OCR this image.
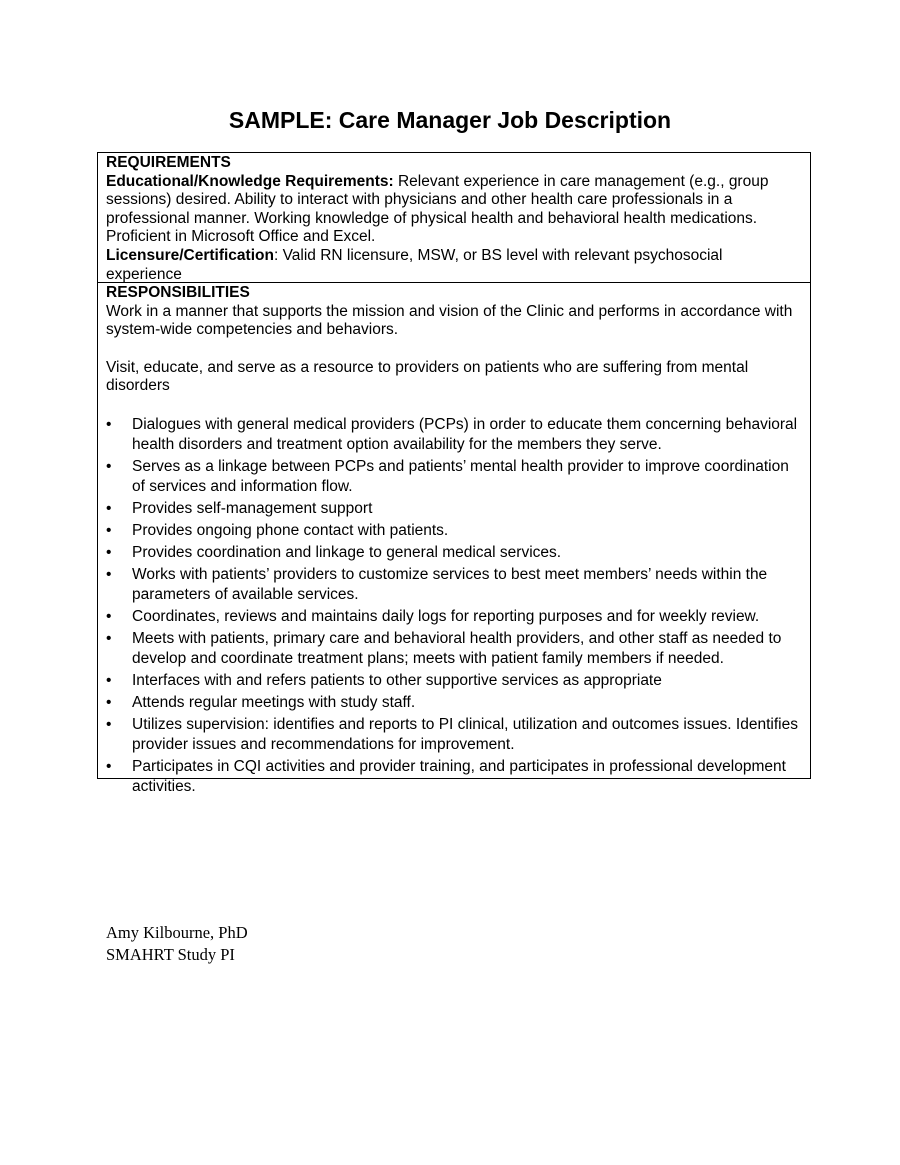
SAMPLE: Care Manager Job Description
REQUIREMENTS

Educational/Knowledge Requirements: Relevant experience in care management (e.g., group sessions) desired. Ability to interact with physicians and other health care professionals in a professional manner. Working knowledge of physical health and behavioral health medications. Proficient in Microsoft Office and Excel.

Licensure/Certification: Valid RN licensure, MSW, or BS level with relevant psychosocial experience

RESPONSIBILITIES

Work in a manner that supports the mission and vision of the Clinic and performs in accordance with system-wide competencies and behaviors.

Visit, educate, and serve as a resource to providers on patients who are suffering from mental disorders

• Dialogues with general medical providers (PCPs) in order to educate them concerning behavioral health disorders and treatment option availability for the members they serve.
• Serves as a linkage between PCPs and patients’ mental health provider to improve coordination of services and information flow.
• Provides self-management support
• Provides ongoing phone contact with patients.
• Provides coordination and linkage to general medical services.
• Works with patients’ providers to customize services to best meet members’ needs within the parameters of available services.
• Coordinates, reviews and maintains daily logs for reporting purposes and for weekly review.
• Meets with patients, primary care and behavioral health providers, and other staff as needed to develop and coordinate treatment plans; meets with patient family members if needed.
• Interfaces with and refers patients to other supportive services as appropriate
• Attends regular meetings with study staff.
• Utilizes supervision: identifies and reports to PI clinical, utilization and outcomes issues. Identifies provider issues and recommendations for improvement.
• Participates in CQI activities and provider training, and participates in professional development activities.
Amy Kilbourne, PhD
SMAHRT Study PI
